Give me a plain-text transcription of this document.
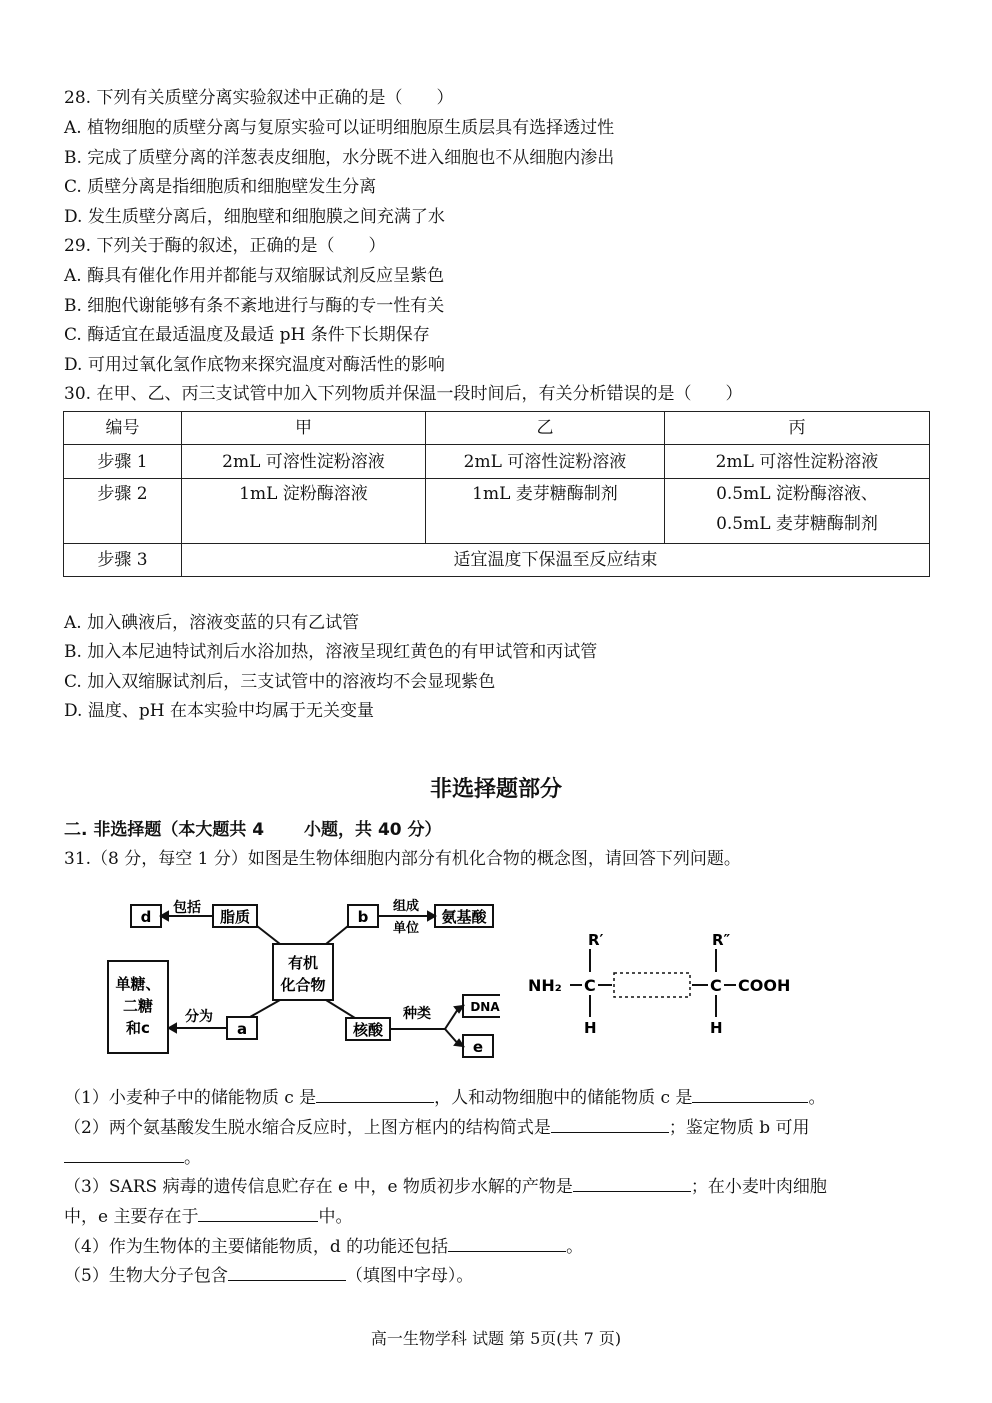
28. 下列有关质壁分离实验叙述中正确的是（　　）
A. 植物细胞的质壁分离与复原实验可以证明细胞原生质层具有选择透过性
B. 完成了质壁分离的洋葱表皮细胞，水分既不进入细胞也不从细胞内渗出
C. 质壁分离是指细胞质和细胞壁发生分离
D. 发生质壁分离后，细胞壁和细胞膜之间充满了水
29. 下列关于酶的叙述，正确的是（　　）
A. 酶具有催化作用并都能与双缩脲试剂反应呈紫色
B. 细胞代谢能够有条不紊地进行与酶的专一性有关
C. 酶适宜在最适温度及最适 pH 条件下长期保存
D. 可用过氧化氢作底物来探究温度对酶活性的影响
30. 在甲、乙、丙三支试管中加入下列物质并保温一段时间后，有关分析错误的是（　　）
编号	甲	乙	丙
步骤 1	2mL 可溶性淀粉溶液	2mL 可溶性淀粉溶液	2mL 可溶性淀粉溶液
步骤 2	1mL 淀粉酶溶液	1mL 麦芽糖酶制剂	0.5mL 淀粉酶溶液、
0.5mL 麦芽糖酶制剂

步骤 3	适宜温度下保温至反应结束		
A. 加入碘液后，溶液变蓝的只有乙试管
B. 加入本尼迪特试剂后水浴加热，溶液呈现红黄色的有甲试管和丙试管
C. 加入双缩脲试剂后，三支试管中的溶液均不会显现紫色
D. 温度、pH 在本实验中均属于无关变量
非选择题部分
二. 非选择题（本大题共 4　　 小题，共 40 分）
31.（8 分，每空 1 分）如图是生物体细胞内部分有机化合物的概念图，请回答下列问题。
d 包括 脂质	b
组成
单位
氨基酸
有机
化合物
单糖、
二糖
和c
分为
a	核酸
种类	DNA
e
R′	R″
NH₂ C	C COOH
H	H
（1）小麦种子中的储能物质 c 是	，人和动物细胞中的储能物质 c 是	。
（2）两个氨基酸发生脱水缩合反应时，上图方框内的结构简式是	；鉴定物质 b 可用
。
（3）SARS 病毒的遗传信息贮存在 e 中，e 物质初步水解的产物是	；在小麦叶肉细胞
中，e 主要存在于	中。
（4）作为生物体的主要储能物质，d 的功能还包括	。
（5）生物大分子包含	（填图中字母）。
高一生物学科 试题 第 5页(共 7 页)
